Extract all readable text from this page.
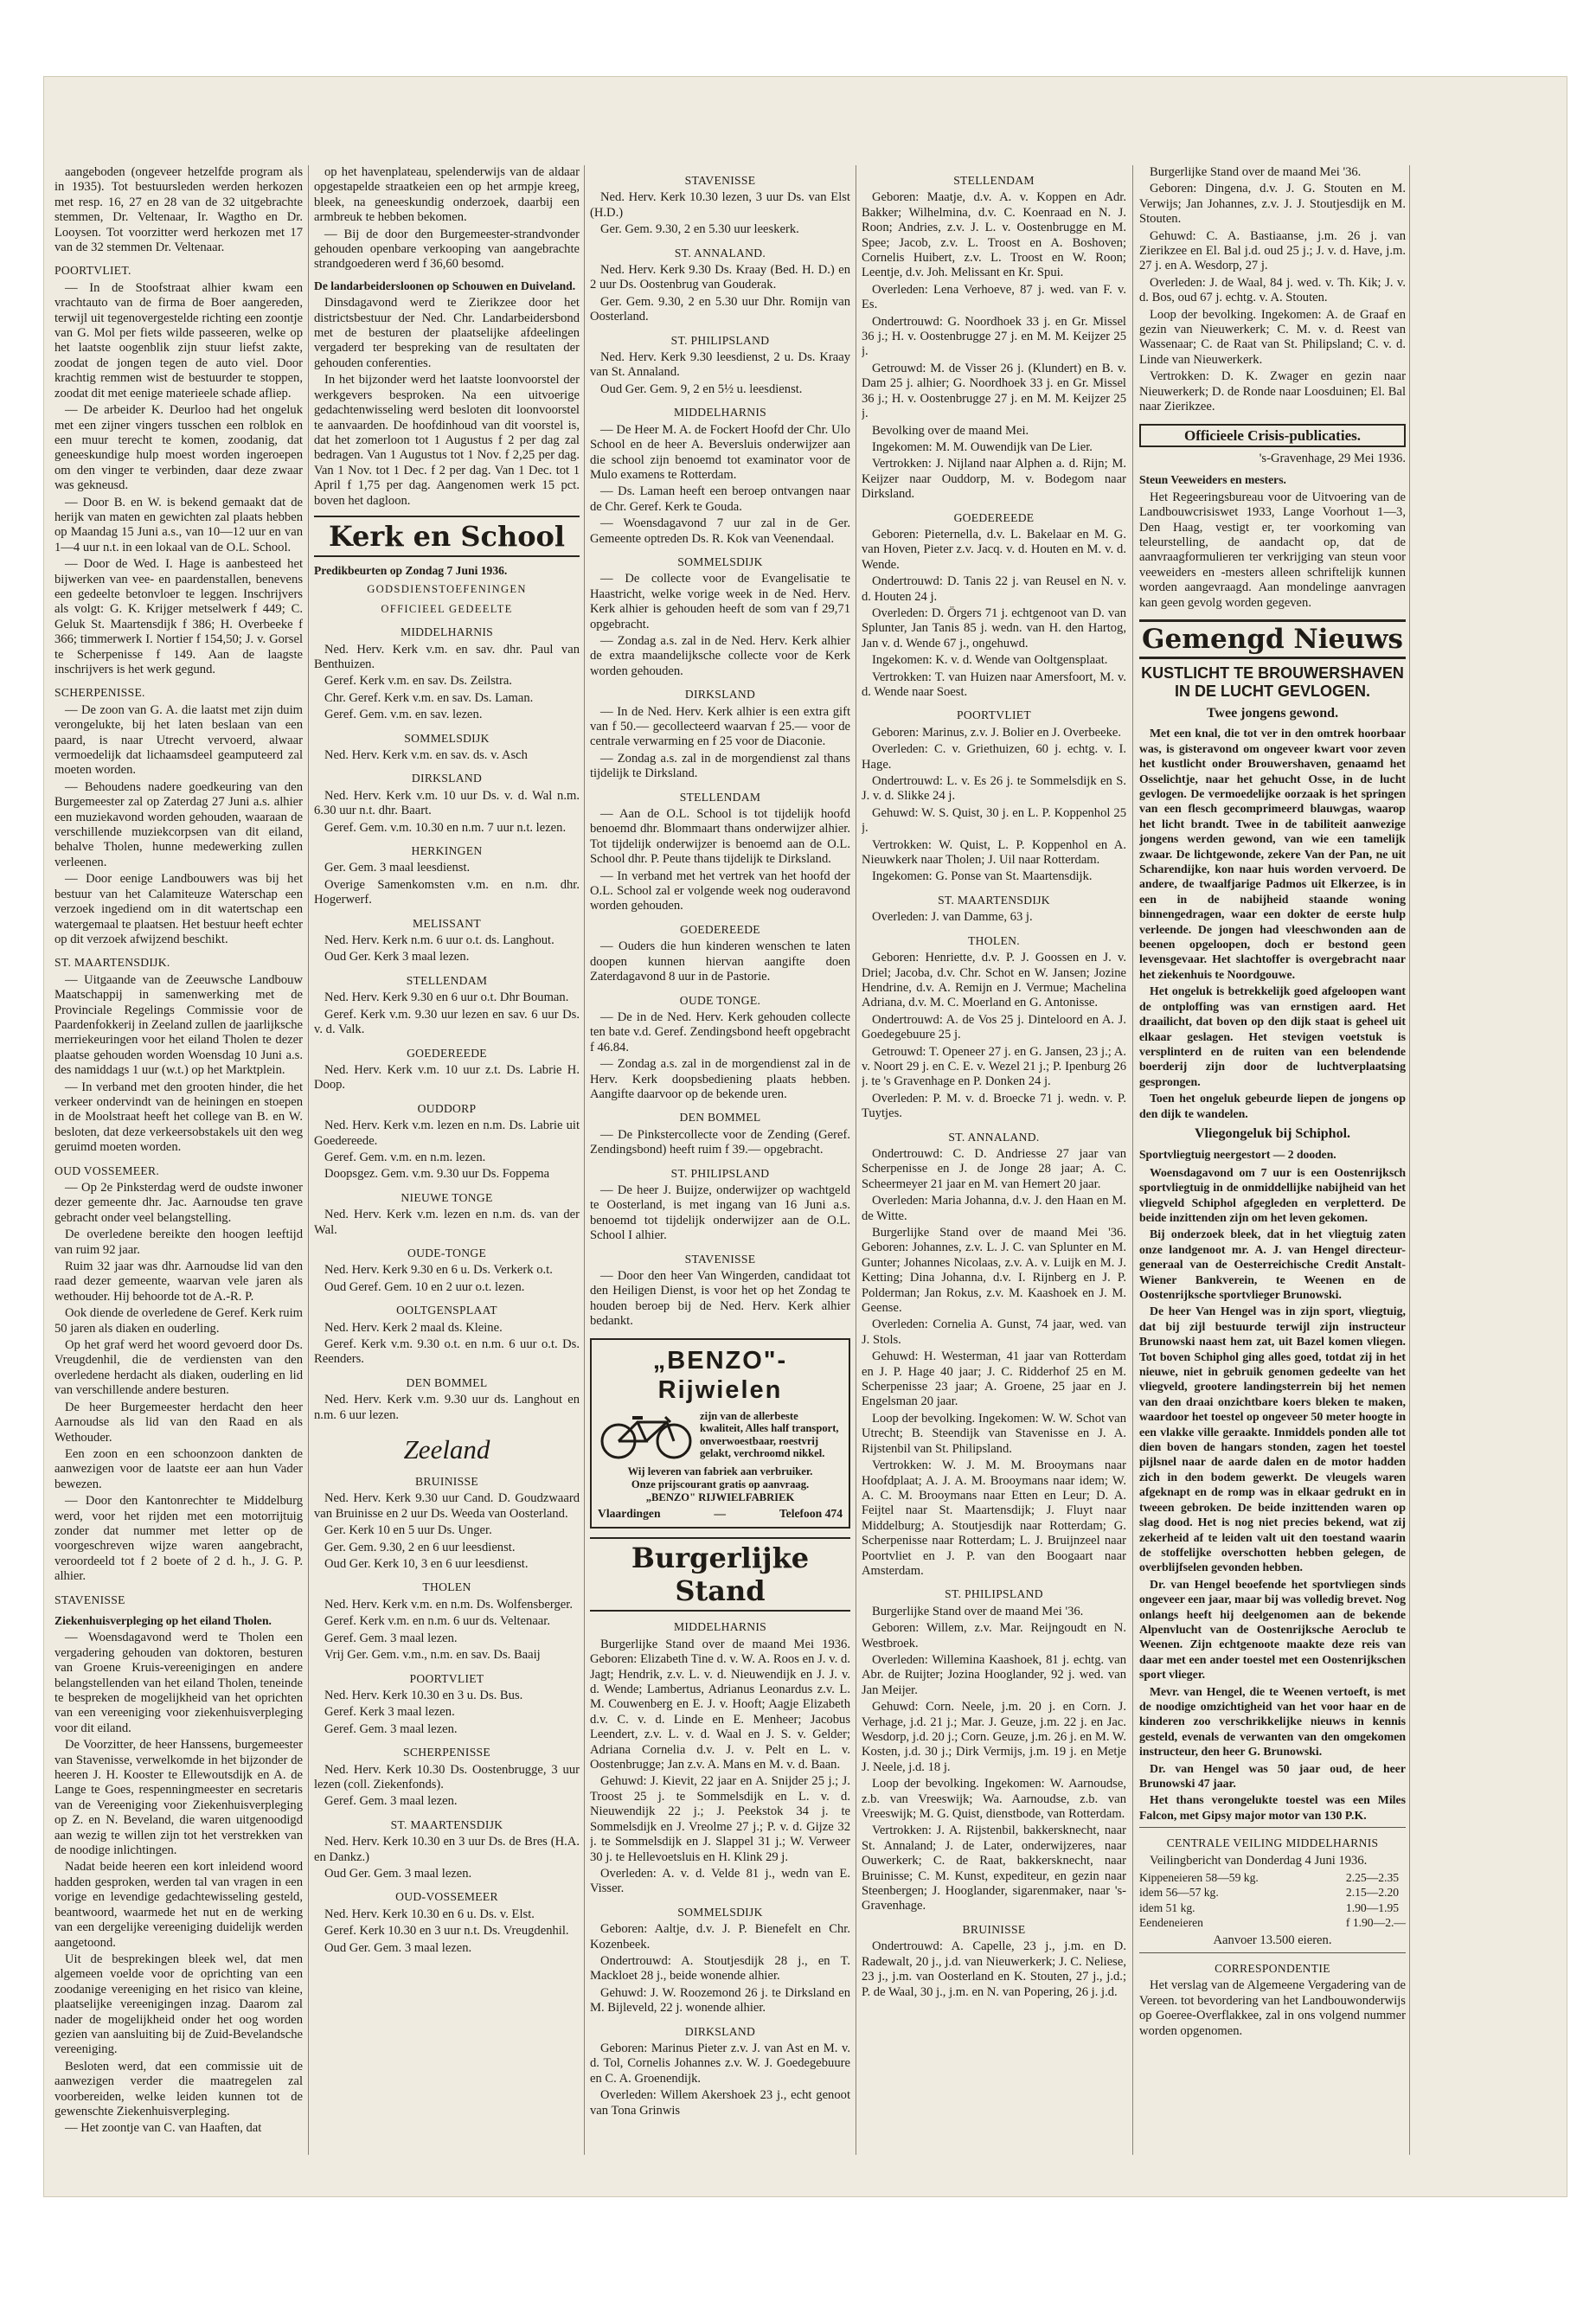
aangeboden (ongeveer hetzelfde program als in 1935). Tot bestuursleden werden herkozen met resp. 16, 27 en 28 van de 32 uitgebrachte stemmen, Dr. Veltenaar, Ir. Wagtho en Dr. Looysen. Tot voorzitter werd herkozen met 17 van de 32 stemmen Dr. Veltenaar.

POORTVLIET.

— In de Stoofstraat alhier kwam een vrachtauto van de firma de Boer aangereden, terwijl uit tegenovergestelde richting een zoontje van G. Mol per fiets wilde passeeren, welke op het laatste oogenblik zijn stuur liefst zakte, zoodat de jongen tegen de auto viel. Door krachtig remmen wist de bestuurder te stoppen, zoodat dit met eenige materieele schade afliep.

— De arbeider K. Deurloo had het ongeluk met een zijner vingers tusschen een rolblok en een muur terecht te komen, zoodanig, dat geneeskundige hulp moest worden ingeroepen om den vinger te verbinden, daar deze zwaar was gekneusd.

— Door B. en W. is bekend gemaakt dat de herijk van maten en gewichten zal plaats hebben op Maandag 15 Juni a.s., van 10—12 uur en van 1—4 uur n.t. in een lokaal van de O.L. School.

— Door de Wed. I. Hage is aanbesteed het bijwerken van vee- en paardenstallen, benevens een gedeelte betonvloer te leggen. Inschrijvers als volgt: G. K. Krijger metselwerk f 449; C. Geluk St. Maartensdijk f 386; H. Overbeeke f 366; timmerwerk I. Nortier f 154,50; J. v. Gorsel te Scherpenisse f 149. Aan de laagste inschrijvers is het werk gegund.

SCHERPENISSE.

— De zoon van G. A. die laatst met zijn duim verongelukte, bij het laten beslaan van een paard, is naar Utrecht vervoerd, alwaar vermoedelijk dat lichaamsdeel geamputeerd zal moeten worden.

— Behoudens nadere goedkeuring van den Burgemeester zal op Zaterdag 27 Juni a.s. alhier een muziekavond worden gehouden, waaraan de verschillende muziekcorpsen van dit eiland, behalve Tholen, hunne medewerking zullen verleenen.

— Door eenige Landbouwers was bij het bestuur van het Calamiteuze Waterschap een verzoek ingediend om in dit watertschap een watergemaal te plaatsen. Het bestuur heeft echter op dit verzoek afwijzend beschikt.

ST. MAARTENSDIJK.

— Uitgaande van de Zeeuwsche Landbouw Maatschappij in samenwerking met de Provinciale Regelings Commissie voor de Paardenfokkerij in Zeeland zullen de jaarlijksche merriekeuringen voor het eiland Tholen te dezer plaatse gehouden worden Woensdag 10 Juni a.s. des namiddags 1 uur (w.t.) op het Marktplein.

— In verband met den grooten hinder, die het verkeer ondervindt van de heiningen en stoepen in de Moolstraat heeft het college van B. en W. besloten, dat deze verkeersobstakels uit den weg geruimd moeten worden.

OUD VOSSEMEER.

— Op 2e Pinksterdag werd de oudste inwoner dezer gemeente dhr. Jac. Aarnoudse ten grave gebracht onder veel belangstelling.

De overledene bereikte den hoogen leeftijd van ruim 92 jaar.

Ruim 32 jaar was dhr. Aarnoudse lid van den raad dezer gemeente, waarvan vele jaren als wethouder. Hij behoorde tot de A.-R. P.

Ook diende de overledene de Geref. Kerk ruim 50 jaren als diaken en ouderling.

Op het graf werd het woord gevoerd door Ds. Vreugdenhil, die de verdiensten van den overledene herdacht als diaken, ouderling en lid van verschillende andere besturen.

De heer Burgemeester herdacht den heer Aarnoudse als lid van den Raad en als Wethouder.

Een zoon en een schoonzoon dankten de aanwezigen voor de laatste eer aan hun Vader bewezen.

— Door den Kantonrechter te Middelburg werd, voor het rijden met een motorrijtuig zonder dat nummer met letter op de voorgeschreven wijze waren aangebracht, veroordeeld tot f 2 boete of 2 d. h., J. G. P. alhier.

STAVENISSE
Ziekenhuisverpleging op het eiland Tholen.

— Woensdagavond werd te Tholen een vergadering gehouden van doktoren, besturen van Groene Kruis-vereenigingen en andere belangstellenden van het eiland Tholen, teneinde te bespreken de mogelijkheid van het oprichten van een vereeniging voor ziekenhuisverpleging voor dit eiland.

De Voorzitter, de heer Hanssens, burgemeester van Stavenisse, verwelkomde in het bijzonder de heeren J. H. Kooster te Ellewoutsdijk en A. de Lange te Goes, respenningmeester en secretaris van de Vereeniging voor Ziekenhuisverpleging op Z. en N. Beveland, die waren uitgenoodigd aan wezig te willen zijn tot het verstrekken van de noodige inlichtingen.

Nadat beide heeren een kort inleidend woord hadden gesproken, werden tal van vragen in een vorige en levendige gedachtewisseling gesteld, beantwoord, waarmede het nut en de werking van een dergelijke vereeniging duidelijk werden aangetoond.

Uit de besprekingen bleek wel, dat men algemeen voelde voor de oprichting van een zoodanige vereeniging en het risico van kleine, plaatselijke vereenigingen inzag. Daarom zal nader de mogelijkheid onder het oog worden gezien van aansluiting bij de Zuid-Bevelandsche vereeniging.

Besloten werd, dat een commissie uit de aanwezigen verder die maatregelen zal voorbereiden, welke leiden kunnen tot de gewenschte Ziekenhuisverpleging.

— Het zoontje van C. van Haaften, dat

op het havenplateau, spelenderwijs van de aldaar opgestapelde straatkeien een op het armpje kreeg, bleek, na geneeskundig onderzoek, daarbij een armbreuk te hebben bekomen.

— Bij de door den Burgemeester-strandvonder gehouden openbare verkooping van aangebrachte strandgoederen werd f 36,60 besomd.

De landarbeidersloonen op Schouwen en Duiveland.

Dinsdagavond werd te Zierikzee door het districtsbestuur der Ned. Chr. Landarbeidersbond met de besturen der plaatselijke afdeelingen vergaderd ter bespreking van de resultaten der gehouden conferenties.

In het bijzonder werd het laatste loonvoorstel der werkgevers besproken. Na een uitvoerige gedachtenwisseling werd besloten dit loonvoorstel te aanvaarden. De hoofdinhoud van dit voorstel is, dat het zomerloon tot 1 Augustus f 2 per dag zal bedragen. Van 1 Augustus tot 1 Nov. f 2,25 per dag. Van 1 Nov. tot 1 Dec. f 2 per dag. Van 1 Dec. tot 1 April f 1,75 per dag. Aangenomen werk 15 pct. boven het dagloon.

Kerk en School
Predikbeurten op Zondag 7 Juni 1936.
GODSDIENSTOEFENINGEN
OFFICIEEL GEDEELTE
MIDDELHARNIS

Ned. Herv. Kerk v.m. en sav. dhr. Paul van Benthuizen.

Geref. Kerk v.m. en sav. Ds. Zeilstra.

Chr. Geref. Kerk v.m. en sav. Ds. Laman.

Geref. Gem. v.m. en sav. lezen.

SOMMELSDIJK

Ned. Herv. Kerk v.m. en sav. ds. v. Asch

DIRKSLAND

Ned. Herv. Kerk v.m. 10 uur Ds. v. d. Wal n.m. 6.30 uur n.t. dhr. Baart.

Geref. Gem. v.m. 10.30 en n.m. 7 uur n.t. lezen.

HERKINGEN

Ger. Gem. 3 maal leesdienst.

Overige Samenkomsten v.m. en n.m. dhr. Hogerwerf.

MELISSANT

Ned. Herv. Kerk n.m. 6 uur o.t. ds. Langhout.

Oud Ger. Kerk 3 maal lezen.

STELLENDAM

Ned. Herv. Kerk 9.30 en 6 uur o.t. Dhr Bouman.

Geref. Kerk v.m. 9.30 uur lezen en sav. 6 uur Ds. v. d. Valk.

GOEDEREEDE

Ned. Herv. Kerk v.m. 10 uur z.t. Ds. Labrie H. Doop.

OUDDORP

Ned. Herv. Kerk v.m. lezen en n.m. Ds. Labrie uit Goedereede.

Geref. Gem. v.m. en n.m. lezen.

Doopsgez. Gem. v.m. 9.30 uur Ds. Foppema

NIEUWE TONGE

Ned. Herv. Kerk v.m. lezen en n.m. ds. van der Wal.

OUDE-TONGE

Ned. Herv. Kerk 9.30 en 6 u. Ds. Verkerk o.t.

Oud Geref. Gem. 10 en 2 uur o.t. lezen.

OOLTGENSPLAAT

Ned. Herv. Kerk 2 maal ds. Kleine.

Geref. Kerk v.m. 9.30 o.t. en n.m. 6 uur o.t. Ds. Reenders.

DEN BOMMEL

Ned. Herv. Kerk v.m. 9.30 uur ds. Langhout en n.m. 6 uur lezen.

Zeeland
BRUINISSE

Ned. Herv. Kerk 9.30 uur Cand. D. Goudzwaard van Bruinisse en 2 uur Ds. Weeda van Oosterland.

Ger. Kerk 10 en 5 uur Ds. Unger.

Ger. Gem. 9.30, 2 en 6 uur leesdienst.

Oud Ger. Kerk 10, 3 en 6 uur leesdienst.

THOLEN

Ned. Herv. Kerk v.m. en n.m. Ds. Wolfensberger.

Geref. Kerk v.m. en n.m. 6 uur ds. Veltenaar.

Geref. Gem. 3 maal lezen.

Vrij Ger. Gem. v.m., n.m. en sav. Ds. Baaij

POORTVLIET

Ned. Herv. Kerk 10.30 en 3 u. Ds. Bus.

Geref. Kerk 3 maal lezen.

Geref. Gem. 3 maal lezen.

SCHERPENISSE

Ned. Herv. Kerk 10.30 Ds. Oostenbrugge, 3 uur lezen (coll. Ziekenfonds).

Geref. Gem. 3 maal lezen.

ST. MAARTENSDIJK

Ned. Herv. Kerk 10.30 en 3 uur Ds. de Bres (H.A. en Dankz.)

Oud Ger. Gem. 3 maal lezen.

OUD-VOSSEMEER

Ned. Herv. Kerk 10.30 en 6 u. Ds. v. Elst.

Geref. Kerk 10.30 en 3 uur n.t. Ds. Vreugdenhil.

Oud Ger. Gem. 3 maal lezen.

STAVENISSE

Ned. Herv. Kerk 10.30 lezen, 3 uur Ds. van Elst (H.D.)

Ger. Gem. 9.30, 2 en 5.30 uur leeskerk.

ST. ANNALAND.

Ned. Herv. Kerk 9.30 Ds. Kraay (Bed. H. D.) en 2 uur Ds. Oostenbrug van Gouderak.

Ger. Gem. 9.30, 2 en 5.30 uur Dhr. Romijn van Oosterland.

ST. PHILIPSLAND

Ned. Herv. Kerk 9.30 leesdienst, 2 u. Ds. Kraay van St. Annaland.

Oud Ger. Gem. 9, 2 en 5½ u. leesdienst.

MIDDELHARNIS

— De Heer M. A. de Fockert Hoofd der Chr. Ulo School en de heer A. Beversluis onderwijzer aan die school zijn benoemd tot examinator voor de Mulo examens te Rotterdam.

— Ds. Laman heeft een beroep ontvangen naar de Chr. Geref. Kerk te Gouda.

— Woensdagavond 7 uur zal in de Ger. Gemeente optreden Ds. R. Kok van Veenendaal.

SOMMELSDIJK

— De collecte voor de Evangelisatie te Haastricht, welke vorige week in de Ned. Herv. Kerk alhier is gehouden heeft de som van f 29,71 opgebracht.

— Zondag a.s. zal in de Ned. Herv. Kerk alhier de extra maandelijksche collecte voor de Kerk worden gehouden.

DIRKSLAND

— In de Ned. Herv. Kerk alhier is een extra gift van f 50.— gecollecteerd waarvan f 25.— voor de centrale verwarming en f 25 voor de Diaconie.

— Zondag a.s. zal in de morgendienst zal thans tijdelijk te Dirksland.

STELLENDAM

— Aan de O.L. School is tot tijdelijk hoofd benoemd dhr. Blommaart thans onderwijzer alhier. Tot tijdelijk onderwijzer is benoemd aan de O.L. School dhr. P. Peute thans tijdelijk te Dirksland.

— In verband met het vertrek van het hoofd der O.L. School zal er volgende week nog ouderavond worden gehouden.

GOEDEREEDE

— Ouders die hun kinderen wenschen te laten doopen kunnen hiervan aangifte doen Zaterdagavond 8 uur in de Pastorie.

OUDE TONGE.

— De in de Ned. Herv. Kerk gehouden collecte ten bate v.d. Geref. Zendingsbond heeft opgebracht f 46.84.

— Zondag a.s. zal in de morgendienst zal in de Herv. Kerk doopsbediening plaats hebben. Aangifte daarvoor op de bekende uren.

DEN BOMMEL

— De Pinkstercollecte voor de Zending (Geref. Zendingsbond) heeft ruim f 39.— opgebracht.

ST. PHILIPSLAND

— De heer J. Buijze, onderwijzer op wachtgeld te Oosterland, is met ingang van 16 Juni a.s. benoemd tot tijdelijk onderwijzer aan de O.L. School I alhier.

STAVENISSE

— Door den heer Van Wingerden, candidaat tot den Heiligen Dienst, is voor het op het Zondag te houden beroep bij de Ned. Herv. Kerk alhier bedankt.

„BENZO"-Rijwielen
zijn van de allerbeste kwaliteit, Alles half transport, onverwoestbaar, roestvrij gelakt, verchroomd nikkel.
Wij leveren van fabriek aan verbruiker.
Onze prijscourant gratis op aanvraag.
„BENZO" RIJWIELFABRIEK
Vlaardingen	—	Telefoon 474
Burgerlijke Stand
MIDDELHARNIS

Burgerlijke Stand over de maand Mei 1936. Geboren: Elizabeth Tine d. v. W. A. Roos en J. v. d. Jagt; Hendrik, z.v. L. v. d. Nieuwendijk en J. J. v. d. Wende; Lambertus, Adrianus Leonardus z.v. L. M. Couwenberg en E. J. v. Hooft; Aagje Elizabeth d.v. C. v. d. Linde en E. Menheer; Jacobus Leendert, z.v. L. v. d. Waal en J. S. v. Gelder; Adriana Cornelia d.v. J. v. Pelt en L. v. Oostenbrugge; Jan z.v. A. Mans en M. v. d. Baan.

Gehuwd: J. Kievit, 22 jaar en A. Snijder 25 j.; J. Troost 25 j. te Sommelsdijk en L. v. d. Nieuwendijk 22 j.; J. Peekstok 34 j. te Sommelsdijk en J. Vreolme 27 j.; P. v. d. Gijze 32 j. te Sommelsdijk en J. Slappel 31 j.; W. Verweer 30 j. te Hellevoetsluis en H. Klink 29 j.

Overleden: A. v. d. Velde 81 j., wedn van E. Visser.

SOMMELSDIJK

Geboren: Aaltje, d.v. J. P. Bienefelt en Chr. Kozenbeek.

Ondertrouwd: A. Stoutjesdijk 28 j., en T. Mackloet 28 j., beide wonende alhier.

Gehuwd: J. W. Roozemond 26 j. te Dirksland en M. Bijleveld, 22 j. wonende alhier.

DIRKSLAND

Geboren: Marinus Pieter z.v. J. van Ast en M. v. d. Tol, Cornelis Johannes z.v. W. J. Goedegebuure en C. A. Groenendijk.

Overleden: Willem Akershoek 23 j., echt genoot van Tona Grinwis

STELLENDAM

Geboren: Maatje, d.v. A. v. Koppen en Adr. Bakker; Wilhelmina, d.v. C. Koenraad en N. J. Roon; Andries, z.v. J. L. v. Oostenbrugge en M. Spee; Jacob, z.v. L. Troost en A. Boshoven; Cornelis Huibert, z.v. L. Troost en W. Roon; Leentje, d.v. Joh. Melissant en Kr. Spui.

Overleden: Lena Verhoeve, 87 j. wed. van F. v. Es.

Ondertrouwd: G. Noordhoek 33 j. en Gr. Missel 36 j.; H. v. Oostenbrugge 27 j. en M. M. Keijzer 25 j.

Getrouwd: M. de Visser 26 j. (Klundert) en B. v. Dam 25 j. alhier; G. Noordhoek 33 j. en Gr. Missel 36 j.; H. v. Oostenbrugge 27 j. en M. M. Keijzer 25 j.

Bevolking over de maand Mei.

Ingekomen: M. M. Ouwendijk van De Lier.

Vertrokken: J. Nijland naar Alphen a. d. Rijn; M. Keijzer naar Ouddorp, M. v. Bodegom naar Dirksland.

GOEDEREEDE

Geboren: Pieternella, d.v. L. Bakelaar en M. G. van Hoven, Pieter z.v. Jacq. v. d. Houten en M. v. d. Wende.

Ondertrouwd: D. Tanis 22 j. van Reusel en N. v. d. Houten 24 j.

Overleden: D. Örgers 71 j. echtgenoot van D. van Splunter, Jan Tanis 85 j. wedn. van H. den Hartog, Jan v. d. Wende 67 j., ongehuwd.

Ingekomen: K. v. d. Wende van Ooltgensplaat.

Vertrokken: T. van Huizen naar Amersfoort, M. v. d. Wende naar Soest.

POORTVLIET

Geboren: Marinus, z.v. J. Bolier en J. Overbeeke.

Overleden: C. v. Griethuizen, 60 j. echtg. v. I. Hage.

Ondertrouwd: L. v. Es 26 j. te Sommelsdijk en S. J. v. d. Slikke 24 j.

Gehuwd: W. S. Quist, 30 j. en L. P. Koppenhol 25 j.

Vertrokken: W. Quist, L. P. Koppenhol en A. Nieuwkerk naar Tholen; J. Uil naar Rotterdam.

Ingekomen: G. Ponse van St. Maartensdijk.

ST. MAARTENSDIJK

Overleden: J. van Damme, 63 j.

THOLEN.

Geboren: Henriette, d.v. P. J. Goossen en J. v. Driel; Jacoba, d.v. Chr. Schot en W. Jansen; Jozine Hendrine, d.v. A. Remijn en J. Vermue; Machelina Adriana, d.v. M. C. Moerland en G. Antonisse.

Ondertrouwd: A. de Vos 25 j. Dinteloord en A. J. Goedegebuure 25 j.

Getrouwd: T. Openeer 27 j. en G. Jansen, 23 j.; A. v. Noort 29 j. en C. E. v. Wezel 21 j.; P. Ipenburg 26 j. te 's Gravenhage en P. Donken 24 j.

Overleden: P. M. v. d. Broecke 71 j. wedn. v. P. Tuytjes.

ST. ANNALAND.

Ondertrouwd: C. D. Andriesse 27 jaar van Scherpenisse en J. de Jonge 28 jaar; A. C. Scheermeyer 21 jaar en M. van Hemert 20 jaar.

Overleden: Maria Johanna, d.v. J. den Haan en M. de Witte.

Burgerlijke Stand over de maand Mei '36. Geboren: Johannes, z.v. L. J. C. van Splunter en M. Gunter; Johannes Nicolaas, z.v. A. v. Luijk en M. J. Ketting; Dina Johanna, d.v. I. Rijnberg en J. P. Polderman; Jan Rokus, z.v. M. Kaashoek en J. M. Geense.

Overleden: Cornelia A. Gunst, 74 jaar, wed. van J. Stols.

Gehuwd: H. Westerman, 41 jaar van Rotterdam en J. P. Hage 40 jaar; J. C. Ridderhof 25 en M. Scherpenisse 23 jaar; A. Groene, 25 jaar en J. Engelsman 20 jaar.

Loop der bevolking. Ingekomen: W. W. Schot van Utrecht; B. Steendijk van Stavenisse en J. A. Rijstenbil van St. Philipsland.

Vertrokken: W. J. M. M. Brooymans naar Hoofdplaat; A. J. A. M. Brooymans naar idem; W. A. C. M. Brooymans naar Etten en Leur; D. A. Feijtel naar St. Maartensdijk; J. Fluyt naar Middelburg; A. Stoutjesdijk naar Rotterdam; G. Scherpenisse naar Rotterdam; L. J. Bruijnzeel naar Poortvliet en J. P. van den Boogaart naar Amsterdam.

ST. PHILIPSLAND

Burgerlijke Stand over de maand Mei '36.

Geboren: Willem, z.v. Mar. Reijngoudt en N. Westbroek.

Overleden: Willemina Kaashoek, 81 j. echtg. van Abr. de Ruijter; Jozina Hooglander, 92 j. wed. van Jan Meijer.

Gehuwd: Corn. Neele, j.m. 20 j. en Corn. J. Verhage, j.d. 21 j.; Mar. J. Geuze, j.m. 22 j. en Jac. Wesdorp, j.d. 20 j.; Corn. Geuze, j.m. 26 j. en M. W. Kosten, j.d. 30 j.; Dirk Vermijs, j.m. 19 j. en Metje J. Neele, j.d. 18 j.

Loop der bevolking. Ingekomen: W. Aarnoudse, z.b. van Vreeswijk; Wa. Aarnoudse, z.b. van Vreeswijk; M. G. Quist, dienstbode, van Rotterdam.

Vertrokken: J. A. Rijstenbil, bakkersknecht, naar St. Annaland; J. de Later, onderwijzeres, naar Ouwerkerk; C. de Raat, bakkersknecht, naar Bruinisse; C. M. Kunst, expediteur, en gezin naar Steenbergen; J. Hooglander, sigarenmaker, naar 's-Gravenhage.

BRUINISSE

Ondertrouwd: A. Capelle, 23 j., j.m. en D. Radewalt, 20 j., j.d. van Nieuwerkerk; J. C. Neliese, 23 j., j.m. van Oosterland en K. Stouten, 27 j., j.d.; P. de Waal, 30 j., j.m. en N. van Popering, 26 j. j.d.

Burgerlijke Stand over de maand Mei '36.

Geboren: Dingena, d.v. J. G. Stouten en M. Verwijs; Jan Johannes, z.v. J. J. Stoutjesdijk en M. Stouten.

Gehuwd: C. A. Bastiaanse, j.m. 26 j. van Zierikzee en El. Bal j.d. oud 25 j.; J. v. d. Have, j.m. 27 j. en A. Wesdorp, 27 j.

Overleden: J. de Waal, 84 j. wed. v. Th. Kik; J. v. d. Bos, oud 67 j. echtg. v. A. Stouten.

Loop der bevolking. Ingekomen: A. de Graaf en gezin van Nieuwerkerk; C. M. v. d. Reest van Wassenaar; C. de Raat van St. Philipsland; C. v. d. Linde van Nieuwerkerk.

Vertrokken: D. K. Zwager en gezin naar Nieuwerkerk; D. de Ronde naar Loosduinen; El. Bal naar Zierikzee.

Officieele Crisis-publicaties.
's-Gravenhage, 29 Mei 1936.
Steun Veeweiders en mesters.

Het Regeeringsbureau voor de Uitvoering van de Landbouwcrisiswet 1933, Lange Voorhout 1—3, Den Haag, vestigt er, ter voorkoming van teleurstelling, de aandacht op, dat de aanvraagformulieren ter verkrijging van steun voor veeweiders en -mesters alleen schriftelijk kunnen worden aangevraagd. Aan mondelinge aanvragen kan geen gevolg worden gegeven.

Gemengd Nieuws
KUSTLICHT TE BROUWERSHAVEN IN DE LUCHT GEVLOGEN.
Twee jongens gewond.

Met een knal, die tot ver in den omtrek hoorbaar was, is gisteravond om ongeveer kwart voor zeven het kustlicht onder Brouwershaven, genaamd het Osselichtje, naar het gehucht Osse, in de lucht gevlogen. De vermoedelijke oorzaak is het springen van een flesch gecomprimeerd blauwgas, waarop het licht brandt. Twee in de tabiliteit aanwezige jongens werden gewond, van wie een tamelijk zwaar. De lichtgewonde, zekere Van der Pan, ne uit Scharendijke, kon naar huis worden vervoerd. De andere, de twaalfjarige Padmos uit Elkerzee, is in een in de nabijheid staande woning binnengedragen, waar een dokter de eerste hulp verleende. De jongen had vleeschwonden aan de beenen opgeloopen, doch er bestond geen levensgevaar. Het slachtoffer is overgebracht naar het ziekenhuis te Noordgouwe.

Het ongeluk is betrekkelijk goed afgeloopen want de ontploffing was van ernstigen aard. Het draailicht, dat boven op den dijk staat is geheel uit elkaar geslagen. Het stevigen voetstuk is versplinterd en de ruiten van een belendende boerderij zijn door de luchtverplaatsing gesprongen.

Toen het ongeluk gebeurde liepen de jongens op den dijk te wandelen.

Vliegongeluk bij Schiphol.
Sportvliegtuig neergestort — 2 dooden.

Woensdagavond om 7 uur is een Oostenrijksch sportvliegtuig in de onmiddellijke nabijheid van het vliegveld Schiphol afgegleden en verpletterd. De beide inzittenden zijn om het leven gekomen.

Bij onderzoek bleek, dat in het vliegtuig zaten onze landgenoot mr. A. J. van Hengel directeur-generaal van de Oesterreichische Credit Anstalt-Wiener Bankverein, te Weenen en de Oostenrijksche sportvlieger Brunowski.

De heer Van Hengel was in zijn sport, vliegtuig, dat bij zijl bestuurde terwijl zijn instructeur Brunowski naast hem zat, uit Bazel komen vliegen. Tot boven Schiphol ging alles goed, totdat zij in het nieuwe, niet in gebruik genomen gedeelte van het vliegveld, grootere landingsterrein bij het nemen van den draai onzichtbare koers bleken te maken, waardoor het toestel op ongeveer 50 meter hoogte in een vlakke ville geraakte. Inmiddels ponden alle tot dien boven de hangars stonden, zagen het toestel pijlsnel naar de aarde dalen en de motor hadden zich in den bodem gewerkt. De vleugels waren afgeknapt en de romp was in elkaar gedrukt en in tweeen gebroken. De beide inzittenden waren op slag dood. Het is nog niet precies bekend, wat zij zekerheid af te leiden valt uit den toestand waarin de stoffelijke overschotten hebben gelegen, de overblijfselen gevonden hebben.

Dr. van Hengel beoefende het sportvliegen sinds ongeveer een jaar, maar bij was volledig brevet. Nog onlangs heeft hij deelgenomen aan de bekende Alpenvlucht van de Oostenrijksche Aeroclub te Weenen. Zijn echtgenoote maakte deze reis van daar met een ander toestel met een Oostenrijkschen sport vlieger.

Mevr. van Hengel, die te Weenen vertoeft, is met de noodige omzichtigheid van het voor haar en de kinderen zoo verschrikkelijke nieuws in kennis gesteld, evenals de verwanten van den omgekomen instructeur, den heer G. Brunowski.

Dr. van Hengel was 50 jaar oud, de heer Brunowski 47 jaar.

Het thans verongelukte toestel was een Miles Falcon, met Gipsy major motor van 130 P.K.

CENTRALE VEILING MIDDELHARNIS

Veilingbericht van Donderdag 4 Juni 1936.

Kippeneieren 58—59 kg.	2.25—2.35
idem 56—57 kg.	2.15—2.20
idem 51 kg.	1.90—1.95
Eendeneieren	f 1.90—2.—
Aanvoer 13.500 eieren.
CORRESPONDENTIE

Het verslag van de Algemeene Vergadering van de Vereen. tot bevordering van het Landbouwonderwijs op Goeree-Overflakkee, zal in ons volgend nummer worden opgenomen.
